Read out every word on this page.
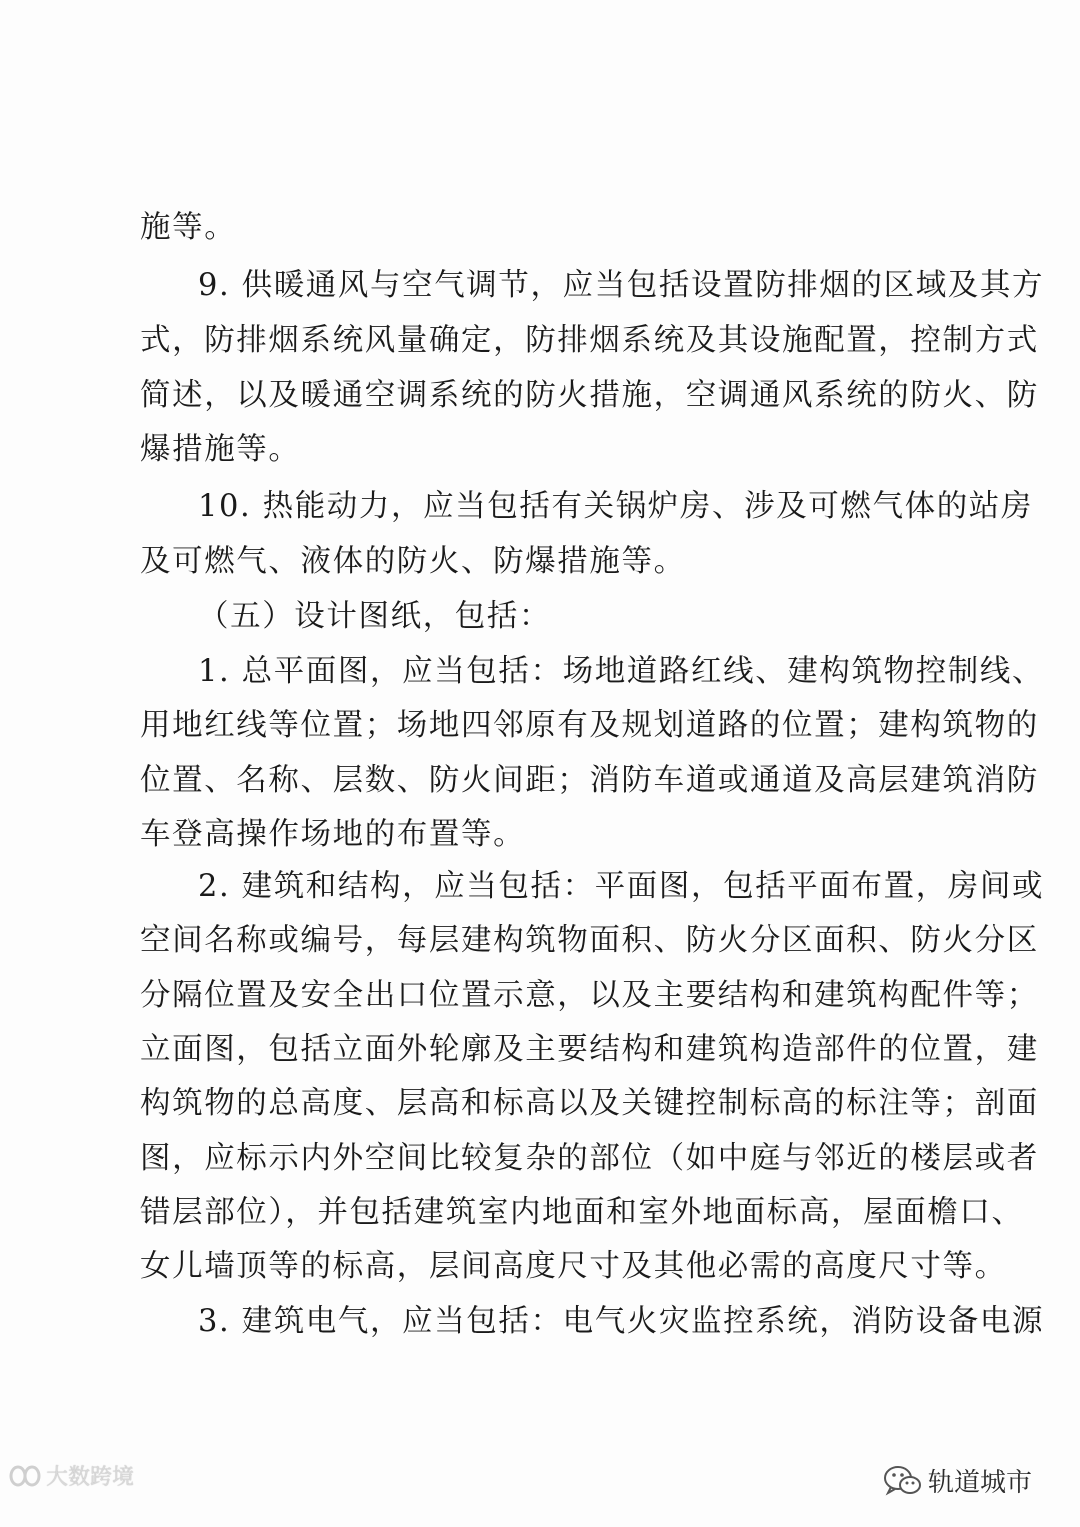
施等。
9. 供暖通风与空气调节，应当包括设置防排烟的区域及其方
式，防排烟系统风量确定，防排烟系统及其设施配置，控制方式
简述，以及暖通空调系统的防火措施，空调通风系统的防火、防
爆措施等。
10. 热能动力，应当包括有关锅炉房、涉及可燃气体的站房
及可燃气、液体的防火、防爆措施等。
（五）设计图纸，包括：
1. 总平面图，应当包括：场地道路红线、建构筑物控制线、
用地红线等位置；场地四邻原有及规划道路的位置；建构筑物的
位置、名称、层数、防火间距；消防车道或通道及高层建筑消防
车登高操作场地的布置等。
2. 建筑和结构，应当包括：平面图，包括平面布置，房间或
空间名称或编号，每层建构筑物面积、防火分区面积、防火分区
分隔位置及安全出口位置示意，以及主要结构和建筑构配件等；
立面图，包括立面外轮廓及主要结构和建筑构造部件的位置，建
构筑物的总高度、层高和标高以及关键控制标高的标注等；剖面
图，应标示内外空间比较复杂的部位（如中庭与邻近的楼层或者
错层部位），并包括建筑室内地面和室外地面标高，屋面檐口、
女儿墙顶等的标高，层间高度尺寸及其他必需的高度尺寸等。
3. 建筑电气，应当包括：电气火灾监控系统，消防设备电源
大数跨境	轨道城市
